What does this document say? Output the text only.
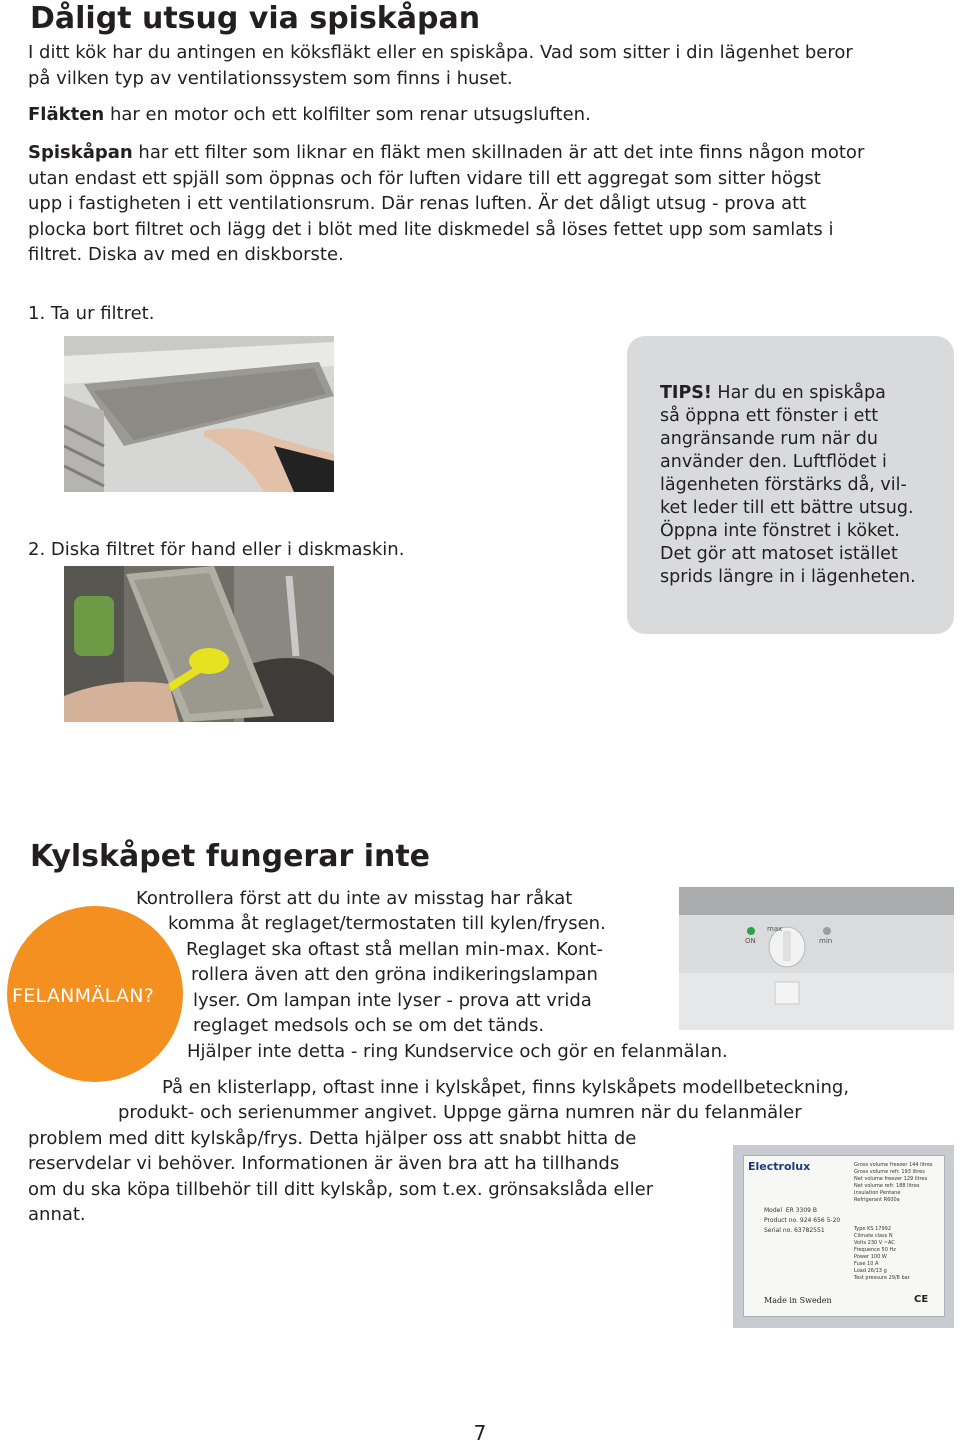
Dåligt utsug via spiskåpan

I ditt kök har du antingen en köksfläkt eller en spiskåpa. Vad som sitter i din lägenhet beror
på vilken typ av ventilationssystem som finns i huset.

Fläkten har en motor och ett kolfilter som renar utsugsluften.

Spiskåpan har ett filter som liknar en fläkt men skillnaden är att det inte finns någon motor
utan endast ett spjäll som öppnas och för luften vidare till ett aggregat som sitter högst
upp i fastigheten i ett ventilationsrum. Där renas luften. Är det dåligt utsug - prova att
plocka bort filtret och lägg det i blöt med lite diskmedel så löses fettet upp som samlats i
filtret. Diska av med en diskborste.

1. Ta ur filtret.

2. Diska filtret för hand eller i diskmaskin.

TIPS! Har du en spiskåpa
så öppna ett fönster i ett
angränsande rum när du
använder den. Luftflödet i
lägenheten förstärks då, vil-
ket leder till ett bättre utsug.
Öppna inte fönstret i köket.
Det gör att matoset istället
sprids längre in i lägenheten.
Kylskåpet fungerar inte
FELANMÄLAN?
max
ON	min
Kontrollera först att du inte av misstag har råkat
komma åt reglaget/termostaten till kylen/frysen.
Reglaget ska oftast stå mellan min-max. Kont-
rollera även att den gröna indikeringslampan
lyser. Om lampan inte lyser - prova att vrida
reglaget medsols och se om det tänds.
Hjälper inte detta - ring Kundservice och gör en felanmälan.
På en klisterlapp, oftast inne i kylskåpet, finns kylskåpets modellbeteckning,
produkt- och serienummer angivet. Uppge gärna numren när du felanmäler
problem med ditt kylskåp/frys. Detta hjälper oss att snabbt hitta de
reservdelar vi behöver. Informationen är även bra att ha tillhands
om du ska köpa tillbehör till ditt kylskåp, som t.ex. grönsakslåda eller
annat.
Electrolux
Model ER 3309 B
Product no. 924 656 5-20
Serial no. 63782551
Gross volume freezer 144 litres
Gross volume refr. 193 litres
Net volume freezer 129 litres
Net volume refr. 188 litres
Insulation Pentane
Refrigerant R600a
Type KS 17992
Climate class N
Volts 230 V ~AC
Frequence 50 Hz
Power 100 W
Fuse 10 A
Load 26/13 g
Test pressure 29/8 bar
Made in Sweden	CE
7
